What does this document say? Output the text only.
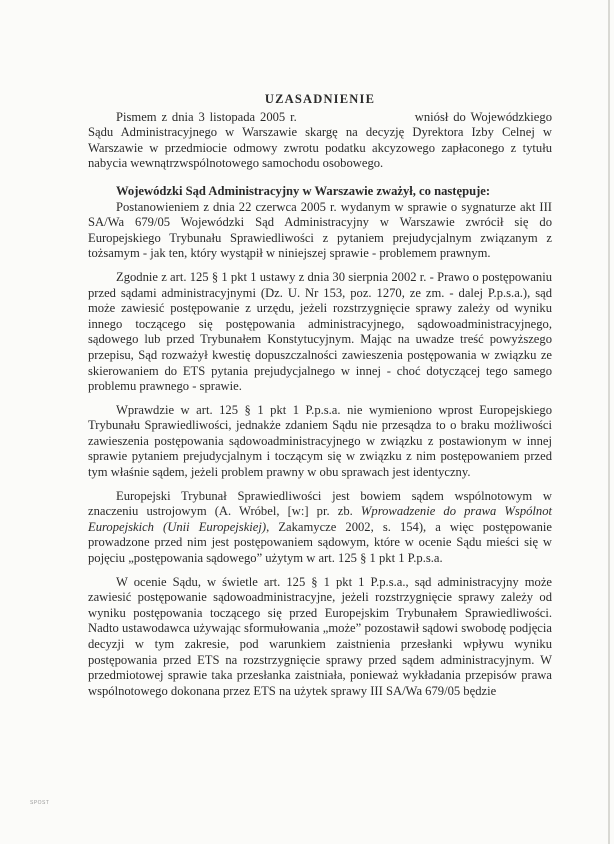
UZASADNIENIE

Pismem z dnia 3 listopada 2005 r.	wniósł do Wojewódzkiego Sądu Administracyjnego w Warszawie skargę na decyzję Dyrektora Izby Celnej w Warszawie w przedmiocie odmowy zwrotu podatku akcyzowego zapłaconego z tytułu nabycia wewnątrzwspólnotowego samochodu osobowego.

Wojewódzki Sąd Administracyjny w Warszawie zważył, co następuje:

Postanowieniem z dnia 22 czerwca 2005 r. wydanym w sprawie o sygnaturze akt III SA/Wa 679/05 Wojewódzki Sąd Administracyjny w Warszawie zwrócił się do Europejskiego Trybunału Sprawiedliwości z pytaniem prejudycjalnym związanym z tożsamym - jak ten, który wystąpił w niniejszej sprawie - problemem prawnym.

Zgodnie z art. 125 § 1 pkt 1 ustawy z dnia 30 sierpnia 2002 r. - Prawo o postępowaniu przed sądami administracyjnymi (Dz. U. Nr 153, poz. 1270, ze zm. - dalej P.p.s.a.), sąd może zawiesić postępowanie z urzędu, jeżeli rozstrzygnięcie sprawy zależy od wyniku innego toczącego się postępowania administracyjnego, sądowoadministracyjnego, sądowego lub przed Trybunałem Konstytucyjnym. Mając na uwadze treść powyższego przepisu, Sąd rozważył kwestię dopuszczalności zawieszenia postępowania w związku ze skierowaniem do ETS pytania prejudycjalnego w innej - choć dotyczącej tego samego problemu prawnego - sprawie.

Wprawdzie w art. 125 § 1 pkt 1 P.p.s.a. nie wymieniono wprost Europejskiego Trybunału Sprawiedliwości, jednakże zdaniem Sądu nie przesądza to o braku możliwości zawieszenia postępowania sądowoadministracyjnego w związku z postawionym w innej sprawie pytaniem prejudycjalnym i toczącym się w związku z nim postępowaniem przed tym właśnie sądem, jeżeli problem prawny w obu sprawach jest identyczny.

Europejski Trybunał Sprawiedliwości jest bowiem sądem wspólnotowym w znaczeniu ustrojowym (A. Wróbel, [w:] pr. zb. Wprowadzenie do prawa Wspólnot Europejskich (Unii Europejskiej), Zakamycze 2002, s. 154), a więc postępowanie prowadzone przed nim jest postępowaniem sądowym, które w ocenie Sądu mieści się w pojęciu „postępowania sądowego” użytym w art. 125 § 1 pkt 1 P.p.s.a.

W ocenie Sądu, w świetle art. 125 § 1 pkt 1 P.p.s.a., sąd administracyjny może zawiesić postępowanie sądowoadministracyjne, jeżeli rozstrzygnięcie sprawy zależy od wyniku postępowania toczącego się przed Europejskim Trybunałem Sprawiedliwości. Nadto ustawodawca używając sformułowania „może” pozostawił sądowi swobodę podjęcia decyzji w tym zakresie, pod warunkiem zaistnienia przesłanki wpływu wyniku postępowania przed ETS na rozstrzygnięcie sprawy przed sądem administracyjnym. W przedmiotowej sprawie taka przesłanka zaistniała, ponieważ wykładania przepisów prawa wspólnotowego dokonana przez ETS na użytek sprawy III SA/Wa 679/05 będzie

SPOST
